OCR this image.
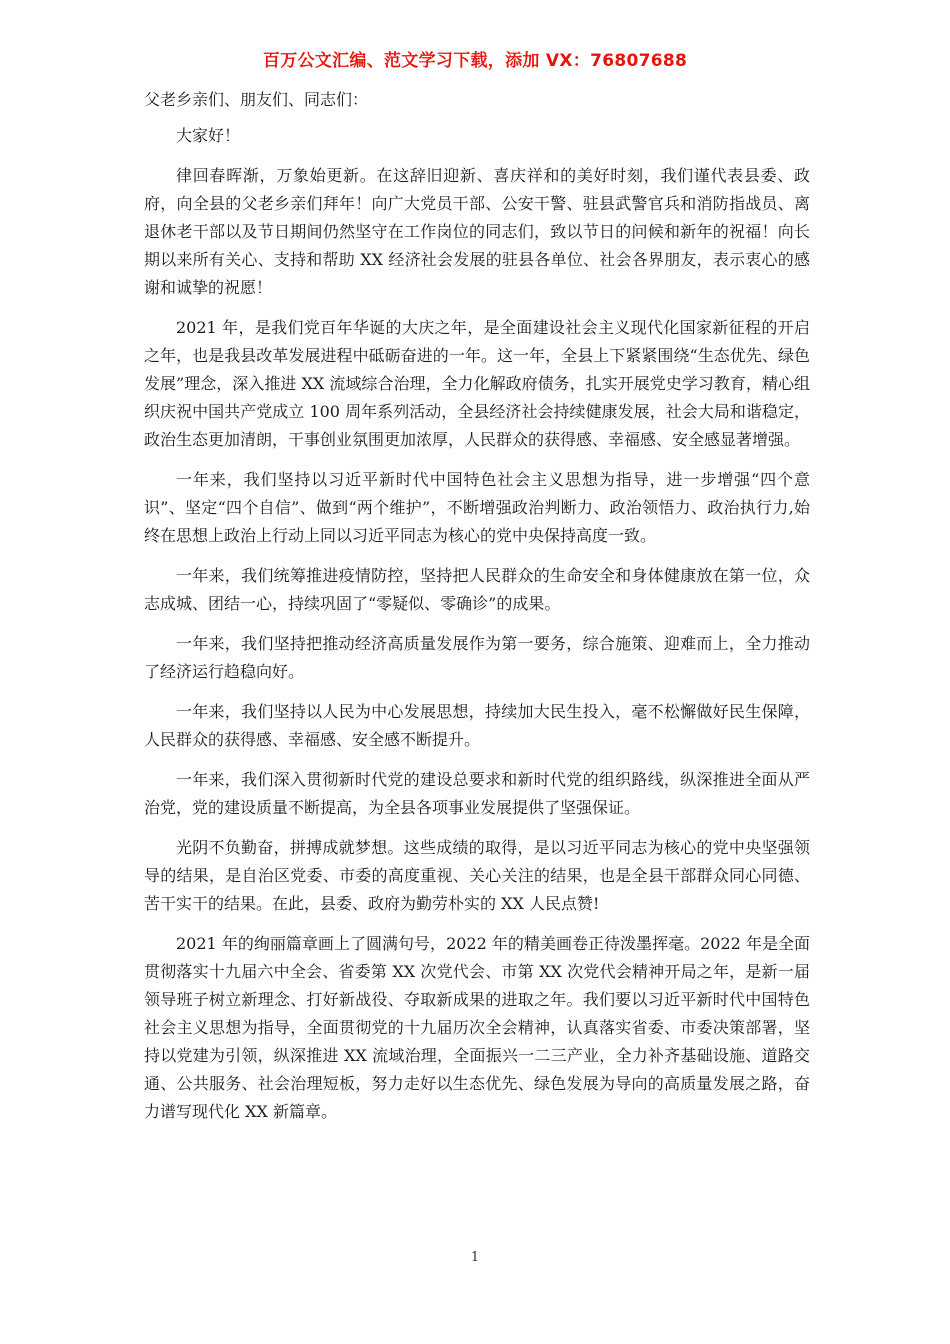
百万公文汇编、范文学习下载，添加 VX：76807688

父老乡亲们、朋友们、同志们：

大家好！

律回春晖渐，万象始更新。在这辞旧迎新、喜庆祥和的美好时刻，我们谨代表县委、政府，向全县的父老乡亲们拜年！向广大党员干部、公安干警、驻县武警官兵和消防指战员、离退休老干部以及节日期间仍然坚守在工作岗位的同志们，致以节日的问候和新年的祝福！向长期以来所有关心、支持和帮助 XX 经济社会发展的驻县各单位、社会各界朋友，表示衷心的感谢和诚挚的祝愿！

2021 年，是我们党百年华诞的大庆之年，是全面建设社会主义现代化国家新征程的开启之年，也是我县改革发展进程中砥砺奋进的一年。这一年，全县上下紧紧围绕“生态优先、绿色发展”理念，深入推进 XX 流域综合治理，全力化解政府债务，扎实开展党史学习教育，精心组织庆祝中国共产党成立 100 周年系列活动，全县经济社会持续健康发展，社会大局和谐稳定，政治生态更加清朗，干事创业氛围更加浓厚，人民群众的获得感、幸福感、安全感显著增强。

一年来，我们坚持以习近平新时代中国特色社会主义思想为指导，进一步增强“四个意识”、坚定“四个自信”、做到“两个维护”，不断增强政治判断力、政治领悟力、政治执行力,始终在思想上政治上行动上同以习近平同志为核心的党中央保持高度一致。

一年来，我们统筹推进疫情防控，坚持把人民群众的生命安全和身体健康放在第一位，众志成城、团结一心，持续巩固了“零疑似、零确诊”的成果。

一年来，我们坚持把推动经济高质量发展作为第一要务，综合施策、迎难而上，全力推动了经济运行趋稳向好。

一年来，我们坚持以人民为中心发展思想，持续加大民生投入，毫不松懈做好民生保障，人民群众的获得感、幸福感、安全感不断提升。

一年来，我们深入贯彻新时代党的建设总要求和新时代党的组织路线，纵深推进全面从严治党，党的建设质量不断提高，为全县各项事业发展提供了坚强保证。

光阴不负勤奋，拼搏成就梦想。这些成绩的取得，是以习近平同志为核心的党中央坚强领导的结果，是自治区党委、市委的高度重视、关心关注的结果，也是全县干部群众同心同德、苦干实干的结果。在此，县委、政府为勤劳朴实的 XX 人民点赞!

2021 年的绚丽篇章画上了圆满句号，2022 年的精美画卷正待泼墨挥毫。2022 年是全面贯彻落实十九届六中全会、省委第 XX 次党代会、市第 XX 次党代会精神开局之年，是新一届领导班子树立新理念、打好新战役、夺取新成果的进取之年。我们要以习近平新时代中国特色社会主义思想为指导，全面贯彻党的十九届历次全会精神，认真落实省委、市委决策部署，坚持以党建为引领，纵深推进 XX 流域治理，全面振兴一二三产业，全力补齐基础设施、道路交通、公共服务、社会治理短板，努力走好以生态优先、绿色发展为导向的高质量发展之路，奋力谱写现代化 XX 新篇章。

1
